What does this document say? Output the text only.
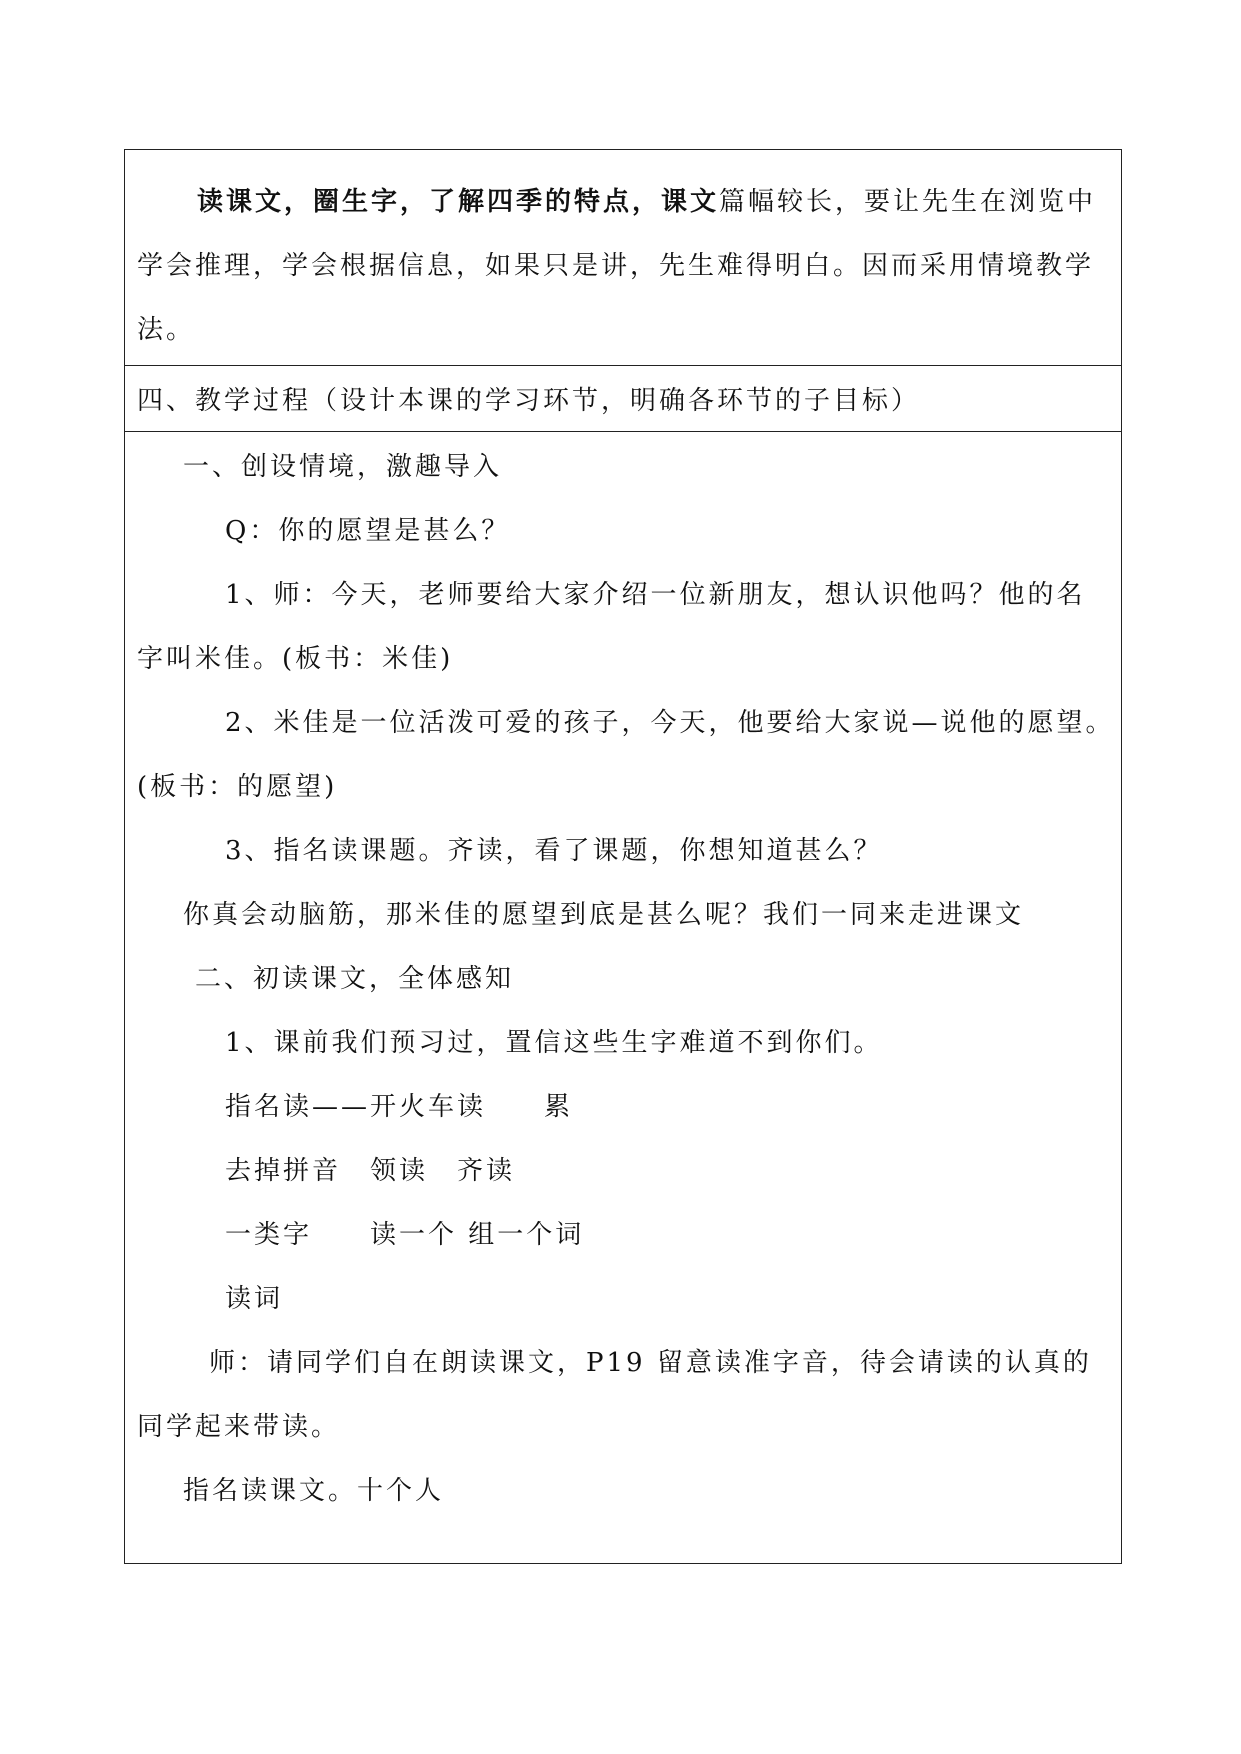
读课文，圈生字，了解四季的特点，课文篇幅较长，要让先生在浏览中
学会推理，学会根据信息，如果只是讲，先生难得明白。因而采用情境教学
法。
四、教学过程（设计本课的学习环节，明确各环节的子目标）
一、创设情境，激趣导入
Q：你的愿望是甚么？
1、师：今天，老师要给大家介绍一位新朋友，想认识他吗？他的名
字叫米佳。(板书：米佳)
2、米佳是一位活泼可爱的孩子，今天，他要给大家说—说他的愿望。
(板书：的愿望)
3、指名读课题。齐读，看了课题，你想知道甚么？
你真会动脑筋，那米佳的愿望到底是甚么呢？我们一同来走进课文
二、初读课文，全体感知
1、课前我们预习过，置信这些生字难道不到你们。
指名读——开火车读　　累
去掉拼音　领读　齐读
一类字　　读一个 组一个词
读词
师：请同学们自在朗读课文，P19 留意读准字音，待会请读的认真的
同学起来带读。
指名读课文。十个人
